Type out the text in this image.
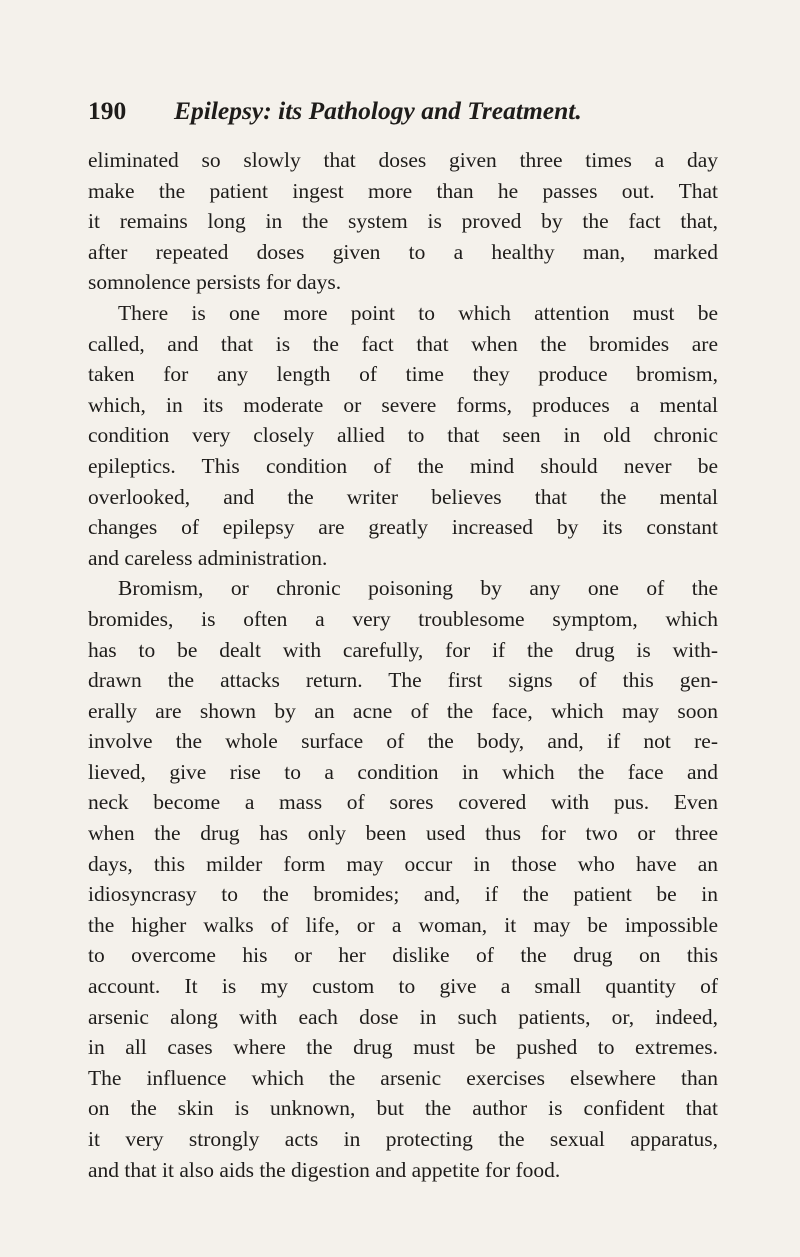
190 Epilepsy: its Pathology and Treatment.
eliminated so slowly that doses given three times a day
make the patient ingest more than he passes out. That
it remains long in the system is proved by the fact that,
after repeated doses given to a healthy man, marked
somnolence persists for days.
There is one more point to which attention must be
called, and that is the fact that when the bromides are
taken for any length of time they produce bromism,
which, in its moderate or severe forms, produces a mental
condition very closely allied to that seen in old chronic
epileptics. This condition of the mind should never be
overlooked, and the writer believes that the mental
changes of epilepsy are greatly increased by its constant
and careless administration.
Bromism, or chronic poisoning by any one of the
bromides, is often a very troublesome symptom, which
has to be dealt with carefully, for if the drug is with-
drawn the attacks return. The first signs of this gen-
erally are shown by an acne of the face, which may soon
involve the whole surface of the body, and, if not re-
lieved, give rise to a condition in which the face and
neck become a mass of sores covered with pus. Even
when the drug has only been used thus for two or three
days, this milder form may occur in those who have an
idiosyncrasy to the bromides; and, if the patient be in
the higher walks of life, or a woman, it may be impossible
to overcome his or her dislike of the drug on this
account. It is my custom to give a small quantity of
arsenic along with each dose in such patients, or, indeed,
in all cases where the drug must be pushed to extremes.
The influence which the arsenic exercises elsewhere than
on the skin is unknown, but the author is confident that
it very strongly acts in protecting the sexual apparatus,
and that it also aids the digestion and appetite for food.
